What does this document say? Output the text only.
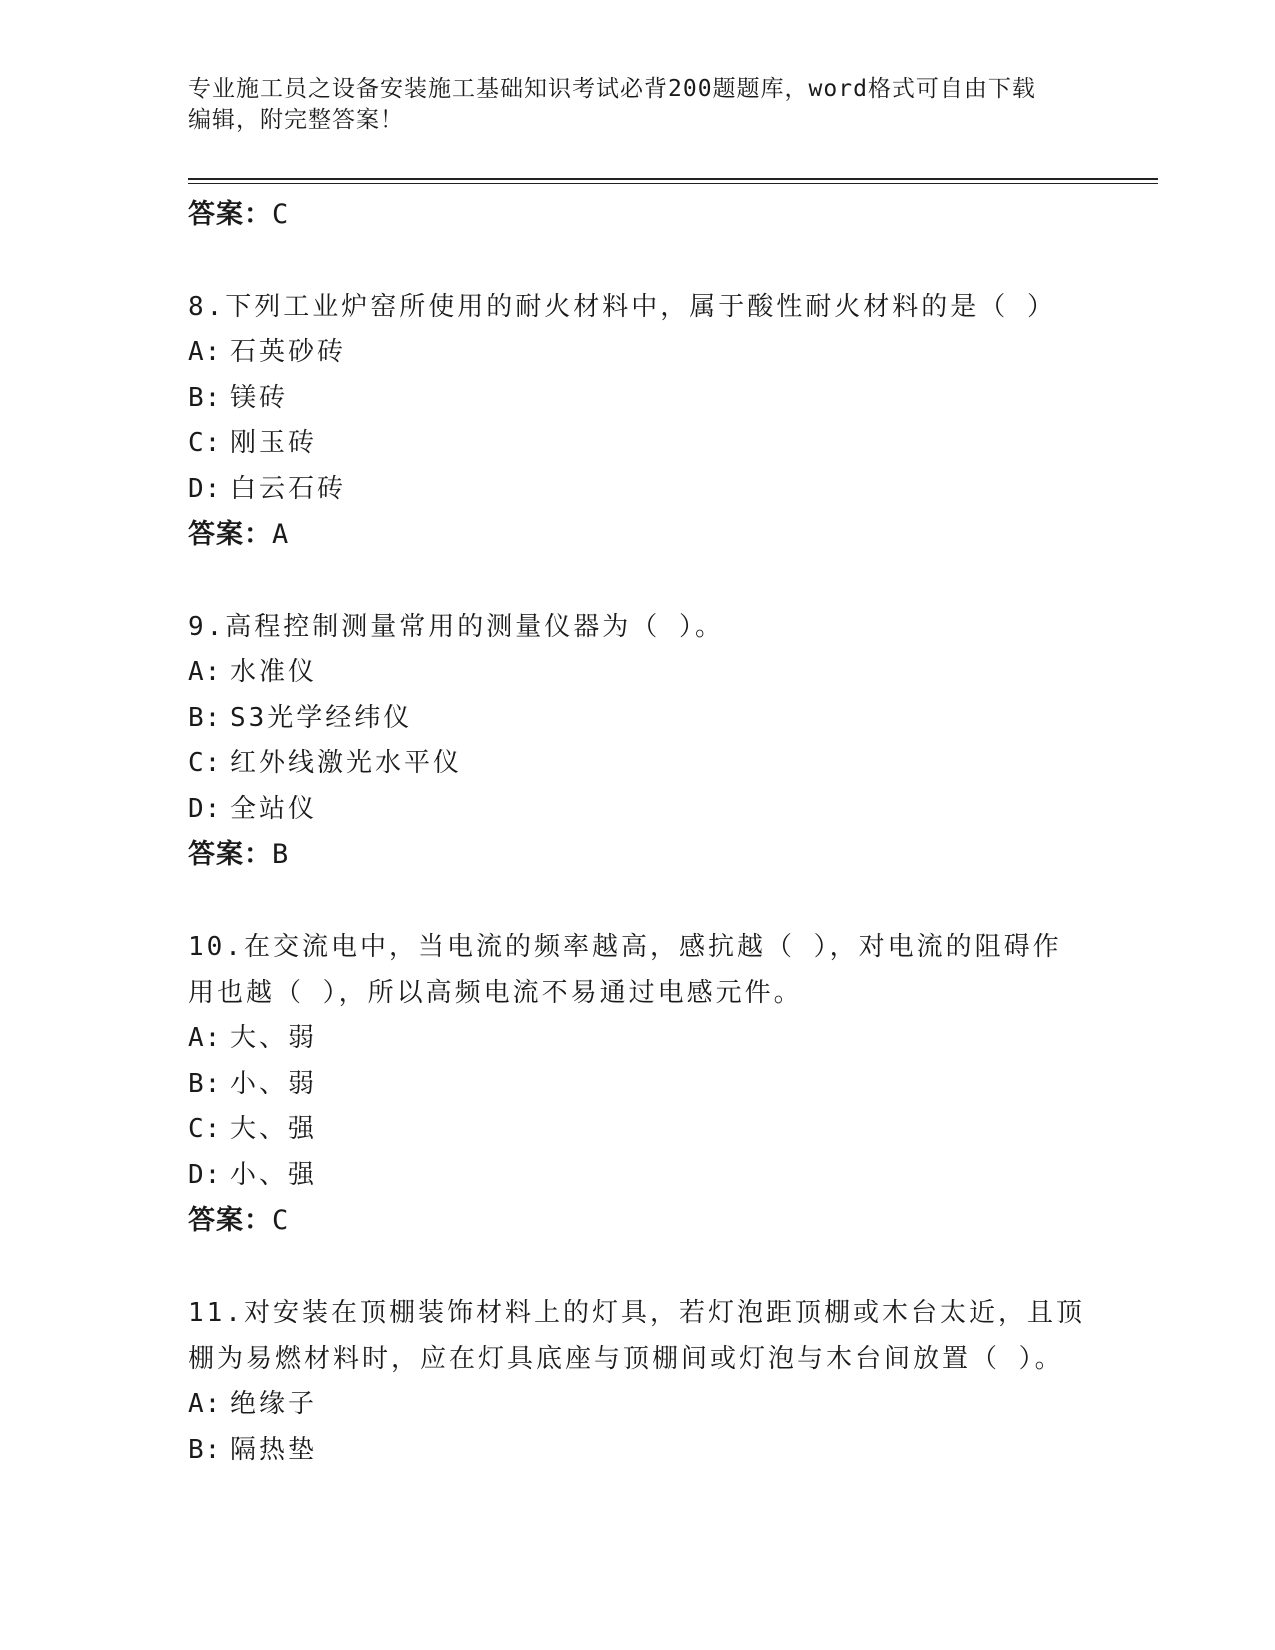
专业施工员之设备安装施工基础知识考试必背200题题库，word格式可自由下载
编辑，附完整答案！
答案：C
8.下列工业炉窑所使用的耐火材料中，属于酸性耐火材料的是（ ）
A: 石英砂砖
B: 镁砖
C: 刚玉砖
D: 白云石砖
答案：A
9.高程控制测量常用的测量仪器为（ ）。
A: 水准仪
B: S3光学经纬仪
C: 红外线激光水平仪
D: 全站仪
答案：B
10.在交流电中，当电流的频率越高，感抗越（ ），对电流的阻碍作
用也越（ ），所以高频电流不易通过电感元件。
A: 大、弱
B: 小、弱
C: 大、强
D: 小、强
答案：C
11.对安装在顶棚装饰材料上的灯具，若灯泡距顶棚或木台太近，且顶
棚为易燃材料时，应在灯具底座与顶棚间或灯泡与木台间放置（ ）。
A: 绝缘子
B: 隔热垫
